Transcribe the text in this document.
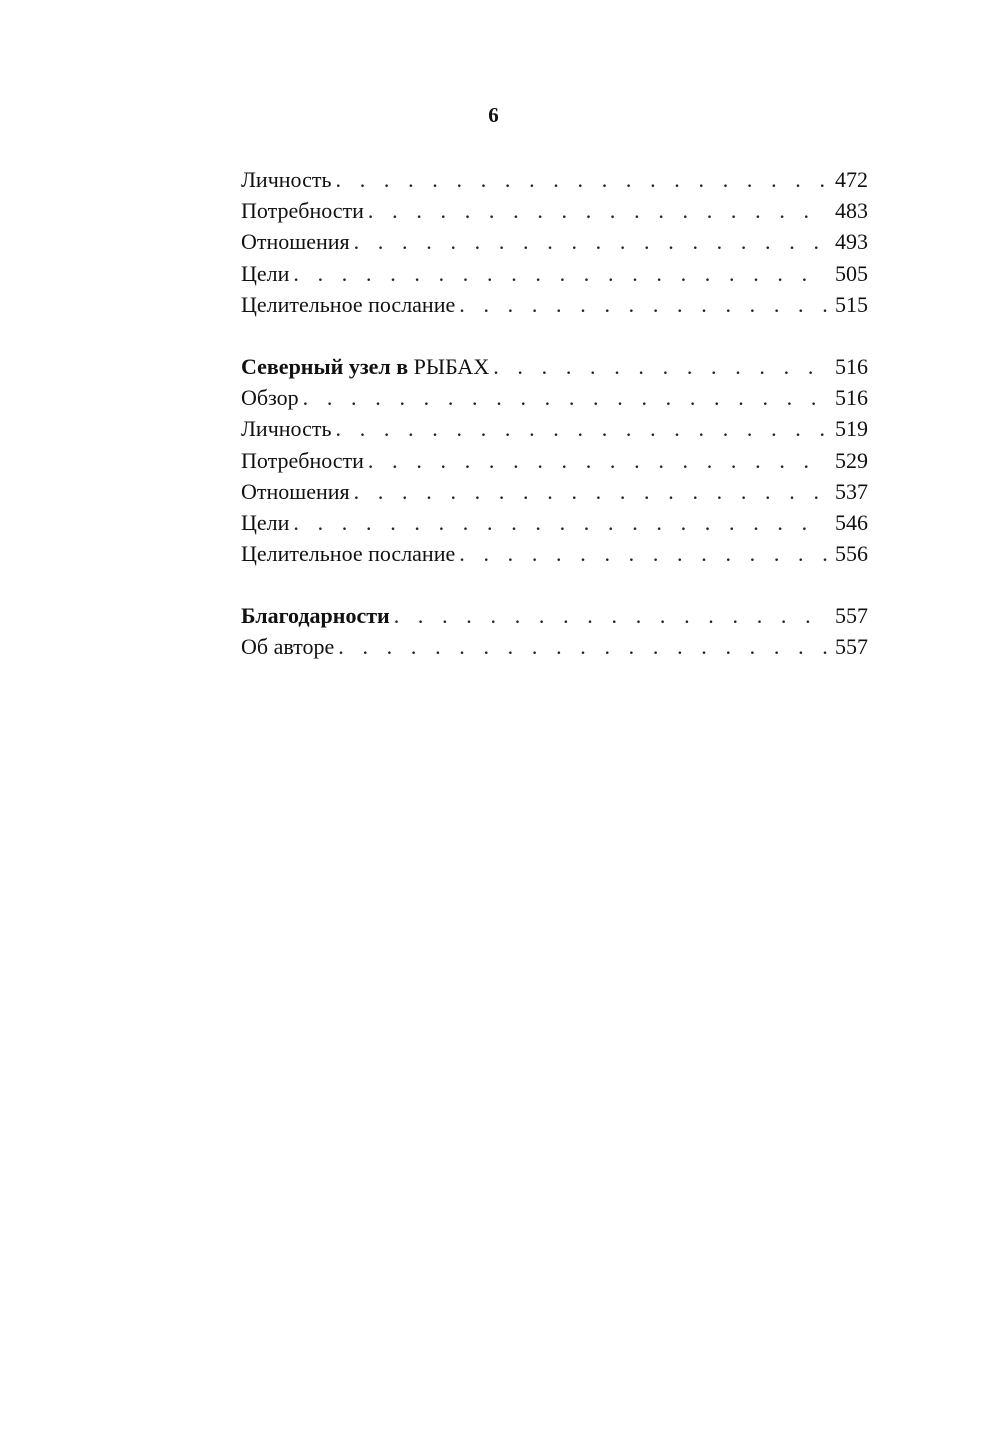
6
Личность . . .	472
Потребности . . .	483
Отношения . . .	493
Цели . . .	505
Целительное послание . . .	515
Северный узел в РЫБАХ . . .	516
Обзор . . .	516
Личность . . .	519
Потребности . . .	529
Отношения . . .	537
Цели . . .	546
Целительное послание . . .	556
Благодарности . . .	557
Об авторе . . .	557
